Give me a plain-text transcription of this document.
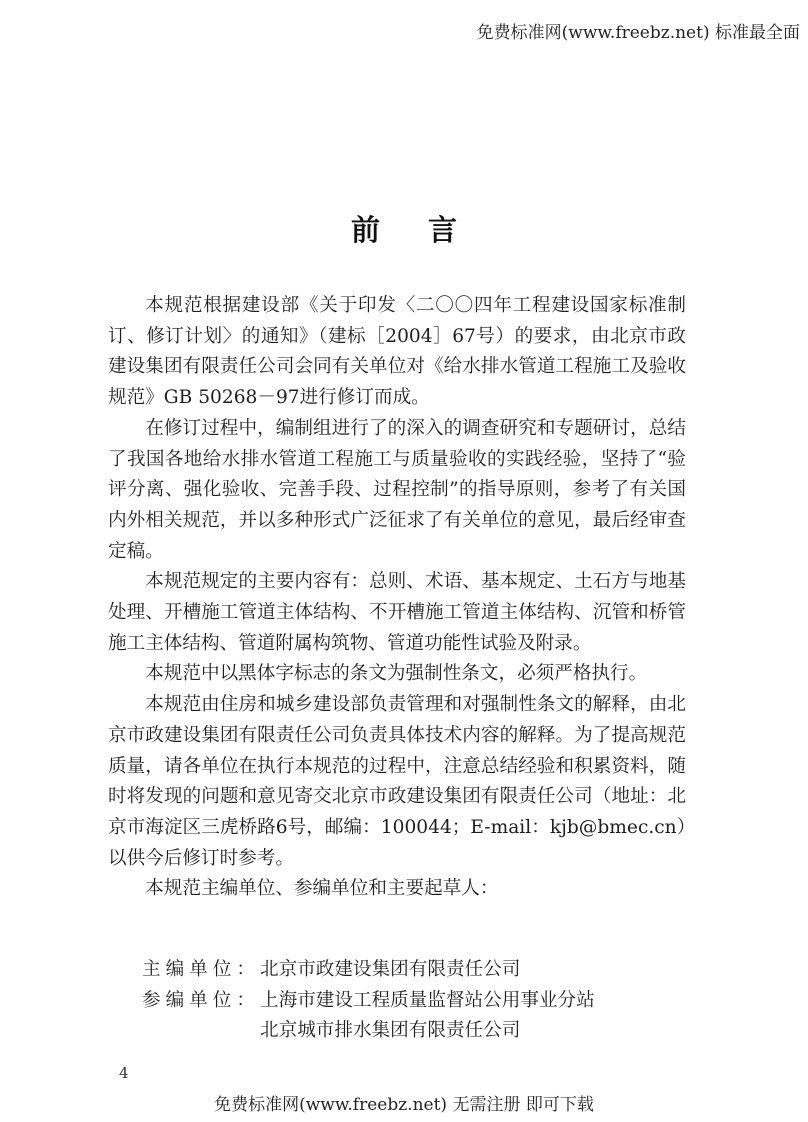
免费标准网(www.freebz.net) 标准最全面
前言

本规范根据建设部《关于印发〈二〇〇四年工程建设国家标准制订、修订计划〉的通知》（建标［2004］67号）的要求，由北京市政建设集团有限责任公司会同有关单位对《给水排水管道工程施工及验收规范》GB 50268－97进行修订而成。

在修订过程中，编制组进行了的深入的调查研究和专题研讨，总结了我国各地给水排水管道工程施工与质量验收的实践经验，坚持了“验评分离、强化验收、完善手段、过程控制”的指导原则，参考了有关国内外相关规范，并以多种形式广泛征求了有关单位的意见，最后经审查定稿。

本规范规定的主要内容有：总则、术语、基本规定、土石方与地基处理、开槽施工管道主体结构、不开槽施工管道主体结构、沉管和桥管施工主体结构、管道附属构筑物、管道功能性试验及附录。

本规范中以黑体字标志的条文为强制性条文，必须严格执行。

本规范由住房和城乡建设部负责管理和对强制性条文的解释，由北京市政建设集团有限责任公司负责具体技术内容的解释。为了提高规范质量，请各单位在执行本规范的过程中，注意总结经验和积累资料，随时将发现的问题和意见寄交北京市政建设集团有限责任公司（地址：北京市海淀区三虎桥路6号，邮编：100044；E-mail：kjb@bmec.cn）以供今后修订时参考。

本规范主编单位、参编单位和主要起草人：

主编单位： 北京市政建设集团有限责任公司
参编单位： 上海市建设工程质量监督站公用事业分站
北京城市排水集团有限责任公司
4
免费标准网(www.freebz.net) 无需注册 即可下载
